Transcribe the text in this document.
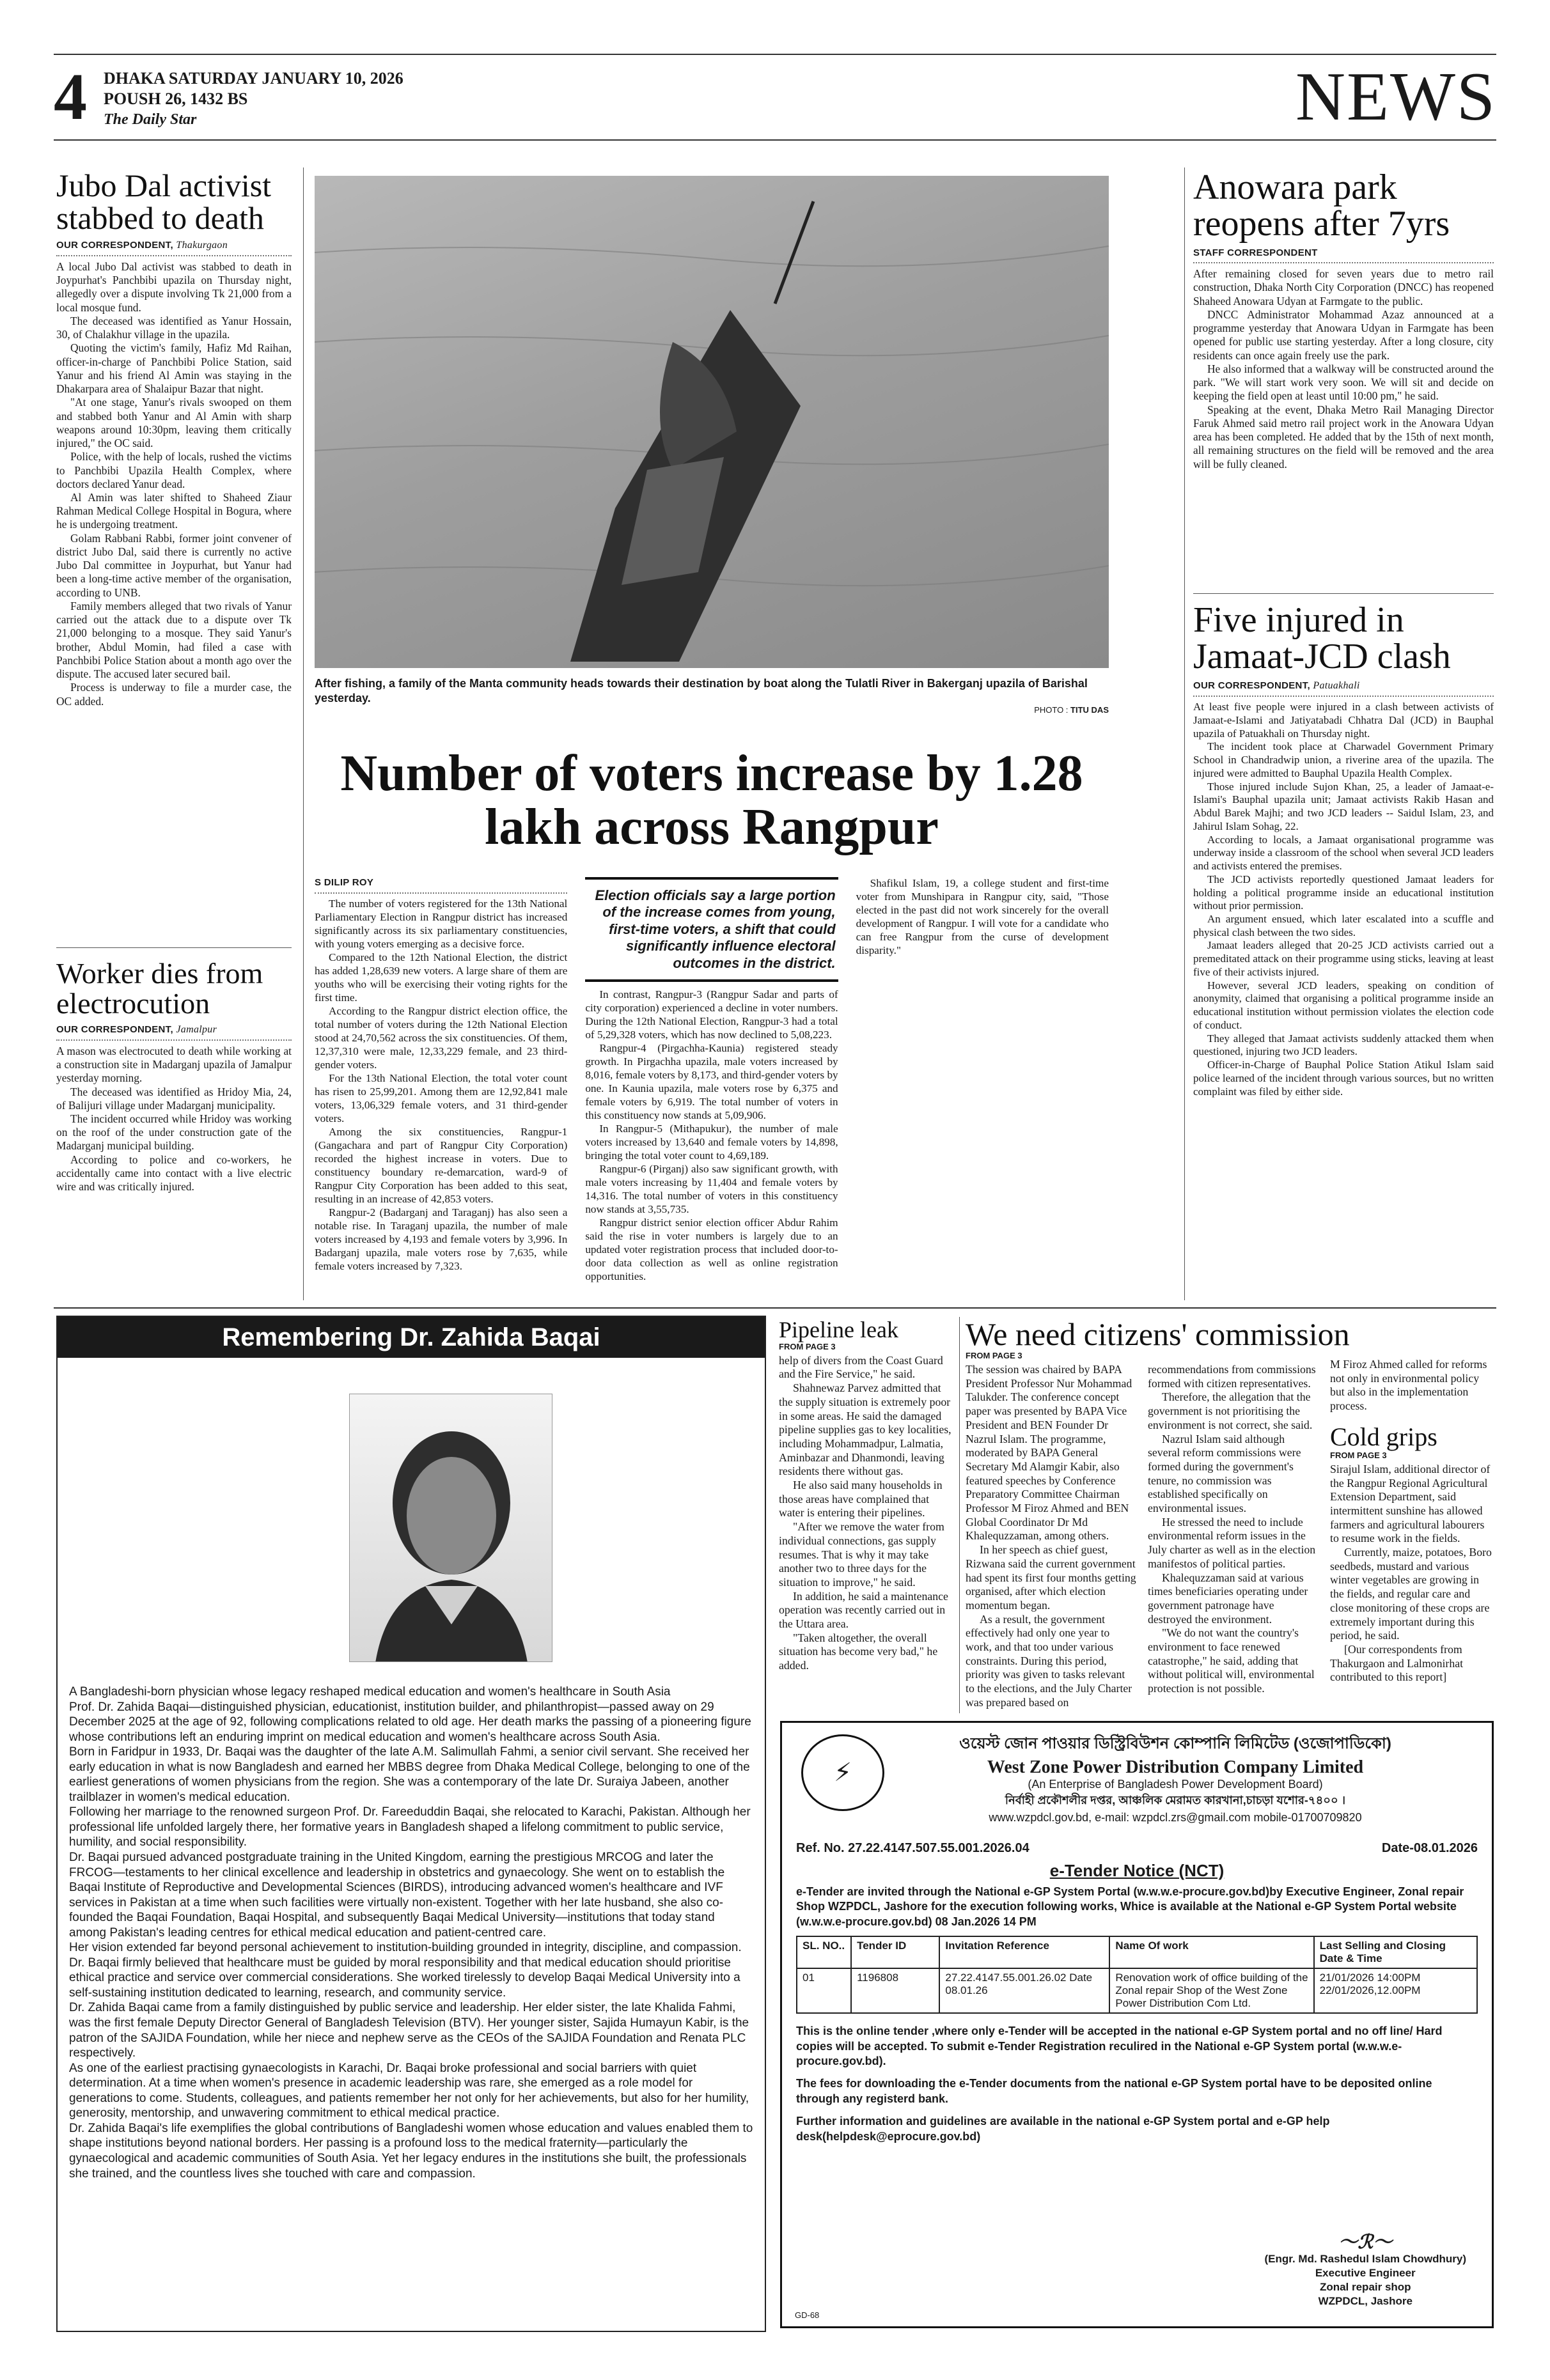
4 DHAKA SATURDAY JANUARY 10, 2026
POUSH 26, 1432 BS
The Daily Star	NEWS
Jubo Dal activist stabbed to death
OUR CORRESPONDENT, Thakurgaon

A local Jubo Dal activist was stabbed to death in Joypurhat's Panchbibi upazila on Thursday night, allegedly over a dispute involving Tk 21,000 from a local mosque fund.

The deceased was identified as Yanur Hossain, 30, of Chalakhur village in the upazila.

Quoting the victim's family, Hafiz Md Raihan, officer-in-charge of Panchbibi Police Station, said Yanur and his friend Al Amin was staying in the Dhakarpara area of Shalaipur Bazar that night.

"At one stage, Yanur's rivals swooped on them and stabbed both Yanur and Al Amin with sharp weapons around 10:30pm, leaving them critically injured," the OC said.

Police, with the help of locals, rushed the victims to Panchbibi Upazila Health Complex, where doctors declared Yanur dead.

Al Amin was later shifted to Shaheed Ziaur Rahman Medical College Hospital in Bogura, where he is undergoing treatment.

Golam Rabbani Rabbi, former joint convener of district Jubo Dal, said there is currently no active Jubo Dal committee in Joypurhat, but Yanur had been a long-time active member of the organisation, according to UNB.

Family members alleged that two rivals of Yanur carried out the attack due to a dispute over Tk 21,000 belonging to a mosque. They said Yanur's brother, Abdul Momin, had filed a case with Panchbibi Police Station about a month ago over the dispute. The accused later secured bail.

Process is underway to file a murder case, the OC added.

Worker dies from electrocution
OUR CORRESPONDENT, Jamalpur

A mason was electrocuted to death while working at a construction site in Madarganj upazila of Jamalpur yesterday morning.

The deceased was identified as Hridoy Mia, 24, of Balijuri village under Madarganj municipality.

The incident occurred while Hridoy was working on the roof of the under construction gate of the Madarganj municipal building.

According to police and co-workers, he accidentally came into contact with a live electric wire and was critically injured.

After fishing, a family of the Manta community heads towards their destination by boat along the Tulatli River in Bakerganj upazila of Barishal yesterday.
PHOTO : TITU DAS
Number of voters increase by 1.28 lakh across Rangpur
S DILIP ROY

The number of voters registered for the 13th National Parliamentary Election in Rangpur district has increased significantly across its six parliamentary constituencies, with young voters emerging as a decisive force.

Compared to the 12th National Election, the district has added 1,28,639 new voters. A large share of them are youths who will be exercising their voting rights for the first time.

According to the Rangpur district election office, the total number of voters during the 12th National Election stood at 24,70,562 across the six constituencies. Of them, 12,37,310 were male, 12,33,229 female, and 23 third-gender voters.

For the 13th National Election, the total voter count has risen to 25,99,201. Among them are 12,92,841 male voters, 13,06,329 female voters, and 31 third-gender voters.

Among the six constituencies, Rangpur-1 (Gangachara and part of Rangpur City Corporation) recorded the highest increase in voters. Due to constituency boundary re-demarcation, ward-9 of Rangpur City Corporation has been added to this seat, resulting in an increase of 42,853 voters.

Rangpur-2 (Badarganj and Taraganj) has also seen a notable rise. In Taraganj upazila, the number of male voters increased by 4,193 and female voters by 3,996. In Badarganj upazila, male voters rose by 7,635, while female voters increased by 7,323.

Election officials say a large portion of the increase comes from young, first-time voters, a shift that could significantly influence electoral outcomes in the district.

In contrast, Rangpur-3 (Rangpur Sadar and parts of city corporation) experienced a decline in voter numbers. During the 12th National Election, Rangpur-3 had a total of 5,29,328 voters, which has now declined to 5,08,223.

Rangpur-4 (Pirgachha-Kaunia) registered steady growth. In Pirgachha upazila, male voters increased by 8,016, female voters by 8,173, and third-gender voters by one. In Kaunia upazila, male voters rose by 6,375 and female voters by 6,919. The total number of voters in this constituency now stands at 5,09,906.

In Rangpur-5 (Mithapukur), the number of male voters increased by 13,640 and female voters by 14,898, bringing the total voter count to 4,69,189.

Rangpur-6 (Pirganj) also saw significant growth, with male voters increasing by 11,404 and female voters by 14,316. The total number of voters in this constituency now stands at 3,55,735.

Rangpur district senior election officer Abdur Rahim said the rise in voter numbers is largely due to an updated voter registration process that included door-to-door data collection as well as online registration opportunities.

Shafikul Islam, 19, a college student and first-time voter from Munshipara in Rangpur city, said, "Those elected in the past did not work sincerely for the overall development of Rangpur. I will vote for a candidate who can free Rangpur from the curse of development disparity."

Anowara park reopens after 7yrs
STAFF CORRESPONDENT

After remaining closed for seven years due to metro rail construction, Dhaka North City Corporation (DNCC) has reopened Shaheed Anowara Udyan at Farmgate to the public.

DNCC Administrator Mohammad Azaz announced at a programme yesterday that Anowara Udyan in Farmgate has been opened for public use starting yesterday. After a long closure, city residents can once again freely use the park.

He also informed that a walkway will be constructed around the park. "We will start work very soon. We will sit and decide on keeping the field open at least until 10:00 pm," he said.

Speaking at the event, Dhaka Metro Rail Managing Director Faruk Ahmed said metro rail project work in the Anowara Udyan area has been completed. He added that by the 15th of next month, all remaining structures on the field will be removed and the area will be fully cleaned.

Five injured in Jamaat-JCD clash
OUR CORRESPONDENT, Patuakhali

At least five people were injured in a clash between activists of Jamaat-e-Islami and Jatiyatabadi Chhatra Dal (JCD) in Bauphal upazila of Patuakhali on Thursday night.

The incident took place at Charwadel Government Primary School in Chandradwip union, a riverine area of the upazila. The injured were admitted to Bauphal Upazila Health Complex.

Those injured include Sujon Khan, 25, a leader of Jamaat-e-Islami's Bauphal upazila unit; Jamaat activists Rakib Hasan and Abdul Barek Majhi; and two JCD leaders -- Saidul Islam, 23, and Jahirul Islam Sohag, 22.

According to locals, a Jamaat organisational programme was underway inside a classroom of the school when several JCD leaders and activists entered the premises.

The JCD activists reportedly questioned Jamaat leaders for holding a political programme inside an educational institution without prior permission.

An argument ensued, which later escalated into a scuffle and physical clash between the two sides.

Jamaat leaders alleged that 20-25 JCD activists carried out a premeditated attack on their programme using sticks, leaving at least five of their activists injured.

However, several JCD leaders, speaking on condition of anonymity, claimed that organising a political programme inside an educational institution without permission violates the election code of conduct.

They alleged that Jamaat activists suddenly attacked them when questioned, injuring two JCD leaders.

Officer-in-Charge of Bauphal Police Station Atikul Islam said police learned of the incident through various sources, but no written complaint was filed by either side.

Remembering Dr. Zahida Baqai

A Bangladeshi-born physician whose legacy reshaped medical education and women's healthcare in South Asia

Prof. Dr. Zahida Baqai—distinguished physician, educationist, institution builder, and philanthropist—passed away on 29 December 2025 at the age of 92, following complications related to old age. Her death marks the passing of a pioneering figure whose contributions left an enduring imprint on medical education and women's healthcare across South Asia.

Born in Faridpur in 1933, Dr. Baqai was the daughter of the late A.M. Salimullah Fahmi, a senior civil servant. She received her early education in what is now Bangladesh and earned her MBBS degree from Dhaka Medical College, belonging to one of the earliest generations of women physicians from the region. She was a contemporary of the late Dr. Suraiya Jabeen, another trailblazer in women's medical education.

Following her marriage to the renowned surgeon Prof. Dr. Fareeduddin Baqai, she relocated to Karachi, Pakistan. Although her professional life unfolded largely there, her formative years in Bangladesh shaped a lifelong commitment to public service, humility, and social responsibility.

Dr. Baqai pursued advanced postgraduate training in the United Kingdom, earning the prestigious MRCOG and later the FRCOG—testaments to her clinical excellence and leadership in obstetrics and gynaecology. She went on to establish the Baqai Institute of Reproductive and Developmental Sciences (BIRDS), introducing advanced women's healthcare and IVF services in Pakistan at a time when such facilities were virtually non-existent. Together with her late husband, she also co-founded the Baqai Foundation, Baqai Hospital, and subsequently Baqai Medical University—institutions that today stand among Pakistan's leading centres for ethical medical education and patient-centred care.

Her vision extended far beyond personal achievement to institution-building grounded in integrity, discipline, and compassion. Dr. Baqai firmly believed that healthcare must be guided by moral responsibility and that medical education should prioritise ethical practice and service over commercial considerations. She worked tirelessly to develop Baqai Medical University into a self-sustaining institution dedicated to learning, research, and community service.

Dr. Zahida Baqai came from a family distinguished by public service and leadership. Her elder sister, the late Khalida Fahmi, was the first female Deputy Director General of Bangladesh Television (BTV). Her younger sister, Sajida Humayun Kabir, is the patron of the SAJIDA Foundation, while her niece and nephew serve as the CEOs of the SAJIDA Foundation and Renata PLC respectively.

As one of the earliest practising gynaecologists in Karachi, Dr. Baqai broke professional and social barriers with quiet determination. At a time when women's presence in academic leadership was rare, she emerged as a role model for generations to come. Students, colleagues, and patients remember her not only for her achievements, but also for her humility, generosity, mentorship, and unwavering commitment to ethical medical practice.

Dr. Zahida Baqai's life exemplifies the global contributions of Bangladeshi women whose education and values enabled them to shape institutions beyond national borders. Her passing is a profound loss to the medical fraternity—particularly the gynaecological and academic communities of South Asia. Yet her legacy endures in the institutions she built, the professionals she trained, and the countless lives she touched with care and compassion.

Pipeline leak
FROM PAGE 3

help of divers from the Coast Guard and the Fire Service," he said.

Shahnewaz Parvez admitted that the supply situation is extremely poor in some areas. He said the damaged pipeline supplies gas to key localities, including Mohammadpur, Lalmatia, Aminbazar and Dhanmondi, leaving residents there without gas.

He also said many households in those areas have complained that water is entering their pipelines.

"After we remove the water from individual connections, gas supply resumes. That is why it may take another two to three days for the situation to improve," he said.

In addition, he said a maintenance operation was recently carried out in the Uttara area.

"Taken altogether, the overall situation has become very bad," he added.

We need citizens' commission
FROM PAGE 3

The session was chaired by BAPA President Professor Nur Mohammad Talukder. The conference concept paper was presented by BAPA Vice President and BEN Founder Dr Nazrul Islam. The programme, moderated by BAPA General Secretary Md Alamgir Kabir, also featured speeches by Conference Preparatory Committee Chairman Professor M Firoz Ahmed and BEN Global Coordinator Dr Md Khalequzzaman, among others.

In her speech as chief guest, Rizwana said the current government had spent its first four months getting organised, after which election momentum began.

As a result, the government effectively had only one year to work, and that too under various constraints. During this period, priority was given to tasks relevant to the elections, and the July Charter was prepared based on recommendations from commissions formed with citizen representatives.

Therefore, the allegation that the government is not prioritising the environment is not correct, she said.

Nazrul Islam said although several reform commissions were formed during the government's tenure, no commission was established specifically on environmental issues.

He stressed the need to include environmental reform issues in the July charter as well as in the election manifestos of political parties.

Khalequzzaman said at various times beneficiaries operating under government patronage have destroyed the environment.

"We do not want the country's environment to face renewed catastrophe," he said, adding that without political will, environmental protection is not possible.

M Firoz Ahmed called for reforms not only in environmental policy but also in the implementation process.

Cold grips
FROM PAGE 3

Sirajul Islam, additional director of the Rangpur Regional Agricultural Extension Department, said intermittent sunshine has allowed farmers and agricultural labourers to resume work in the fields.

Currently, maize, potatoes, Boro seedbeds, mustard and various winter vegetables are growing in the fields, and regular care and close monitoring of these crops are extremely important during this period, he said.

[Our correspondents from Thakurgaon and Lalmonirhat contributed to this report]

⚡
ওয়েস্ট জোন পাওয়ার ডিস্ট্রিবিউশন কোম্পানি লিমিটেড (ওজোপাডিকো)
West Zone Power Distribution Company Limited
(An Enterprise of Bangladesh Power Development Board)
নির্বাহী প্রকৌশলীর দপ্তর, আঞ্চলিক মেরামত কারখানা,চাচড়া যশোর-৭৪০০ ।
www.wzpdcl.gov.bd, e-mail: wzpdcl.zrs@gmail.com mobile-01700709820
Ref. No. 27.22.4147.507.55.001.2026.04	Date-08.01.2026
e-Tender Notice (NCT)
e-Tender are invited through the National e-GP System Portal (w.w.w.e-procure.gov.bd)by Executive Engineer, Zonal repair Shop WZPDCL, Jashore for the execution following works, Whice is available at the National e-GP System Portal website (w.w.w.e-procure.gov.bd) 08 Jan.2026 14 PM
SL. NO..	Tender ID	Invitation Reference	Name Of work	Last Selling and Closing Date & Time
01	1196808	27.22.4147.55.001.26.02 Date 08.01.26	Renovation work of office building of the Zonal repair Shop of the West Zone Power Distribution Com Ltd.	21/01/2026 14:00PM 22/01/2026,12.00PM

This is the online tender ,where only e-Tender will be accepted in the national e-GP System portal and no off line/ Hard copies will be accepted. To submit e-Tender Registration reculired in the National e-GP System portal (w.w.w.e-procure.gov.bd).

The fees for downloading the e-Tender documents from the national e-GP System portal have to be deposited online through any registerd bank.

Further information and guidelines are available in the national e-GP System portal and e-GP help desk(helpdesk@eprocure.gov.bd)

〜ℛ〜
(Engr. Md. Rashedul Islam Chowdhury)
Executive Engineer
Zonal repair shop
WZPDCL, Jashore
GD-68
